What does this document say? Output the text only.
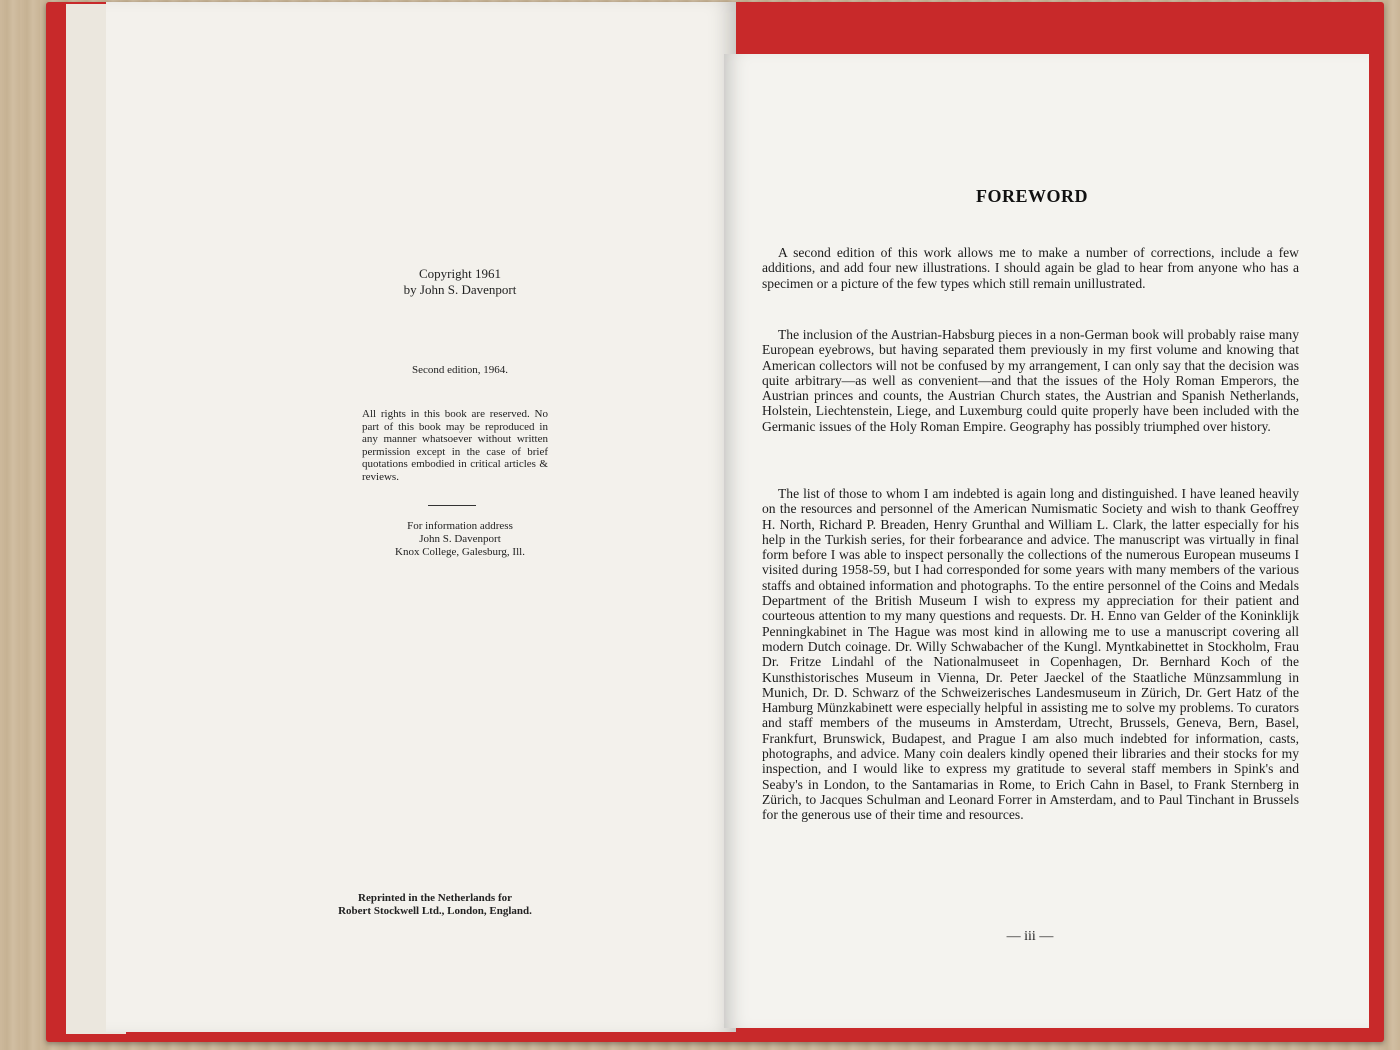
Copyright 1961
by John S. Davenport
Second edition, 1964.
All rights in this book are reserved. No part of this book may be reproduced in any manner whatsoever without written permission except in the case of brief quotations embodied in critical articles & reviews.
For information address
John S. Davenport
Knox College, Galesburg, Ill.
Reprinted in the Netherlands for
Robert Stockwell Ltd., London, England.
FOREWORD

A second edition of this work allows me to make a number of corrections, include a few additions, and add four new illustrations. I should again be glad to hear from anyone who has a specimen or a picture of the few types which still remain unillustrated.

The inclusion of the Austrian-Habsburg pieces in a non-German book will probably raise many European eyebrows, but having separated them previously in my first volume and knowing that American collectors will not be confused by my arrangement, I can only say that the decision was quite arbitrary—as well as convenient—and that the issues of the Holy Roman Emperors, the Austrian princes and counts, the Austrian Church states, the Austrian and Spanish Netherlands, Holstein, Liechtenstein, Liege, and Luxemburg could quite properly have been included with the Germanic issues of the Holy Roman Empire. Geography has possibly triumphed over history.

The list of those to whom I am indebted is again long and distinguished. I have leaned heavily on the resources and personnel of the American Numismatic Society and wish to thank Geoffrey H. North, Richard P. Breaden, Henry Grunthal and William L. Clark, the latter especially for his help in the Turkish series, for their forbearance and advice. The manuscript was virtually in final form before I was able to inspect personally the collections of the numerous European museums I visited during 1958-59, but I had corresponded for some years with many members of the various staffs and obtained information and photographs. To the entire personnel of the Coins and Medals Department of the British Museum I wish to express my appreciation for their patient and courteous attention to my many questions and requests. Dr. H. Enno van Gelder of the Koninklijk Penningkabinet in The Hague was most kind in allowing me to use a manuscript covering all modern Dutch coinage. Dr. Willy Schwabacher of the Kungl. Myntkabinettet in Stockholm, Frau Dr. Fritze Lindahl of the Nationalmuseet in Copenhagen, Dr. Bernhard Koch of the Kunsthistorisches Museum in Vienna, Dr. Peter Jaeckel of the Staatliche Münzsammlung in Munich, Dr. D. Schwarz of the Schweizerisches Landesmuseum in Zürich, Dr. Gert Hatz of the Hamburg Münzkabinett were especially helpful in assisting me to solve my problems. To curators and staff members of the museums in Amsterdam, Utrecht, Brussels, Geneva, Bern, Basel, Frankfurt, Brunswick, Budapest, and Prague I am also much indebted for information, casts, photographs, and advice. Many coin dealers kindly opened their libraries and their stocks for my inspection, and I would like to express my gratitude to several staff members in Spink's and Seaby's in London, to the Santamarias in Rome, to Erich Cahn in Basel, to Frank Sternberg in Zürich, to Jacques Schulman and Leonard Forrer in Amsterdam, and to Paul Tinchant in Brussels for the generous use of their time and resources.

— iii —
